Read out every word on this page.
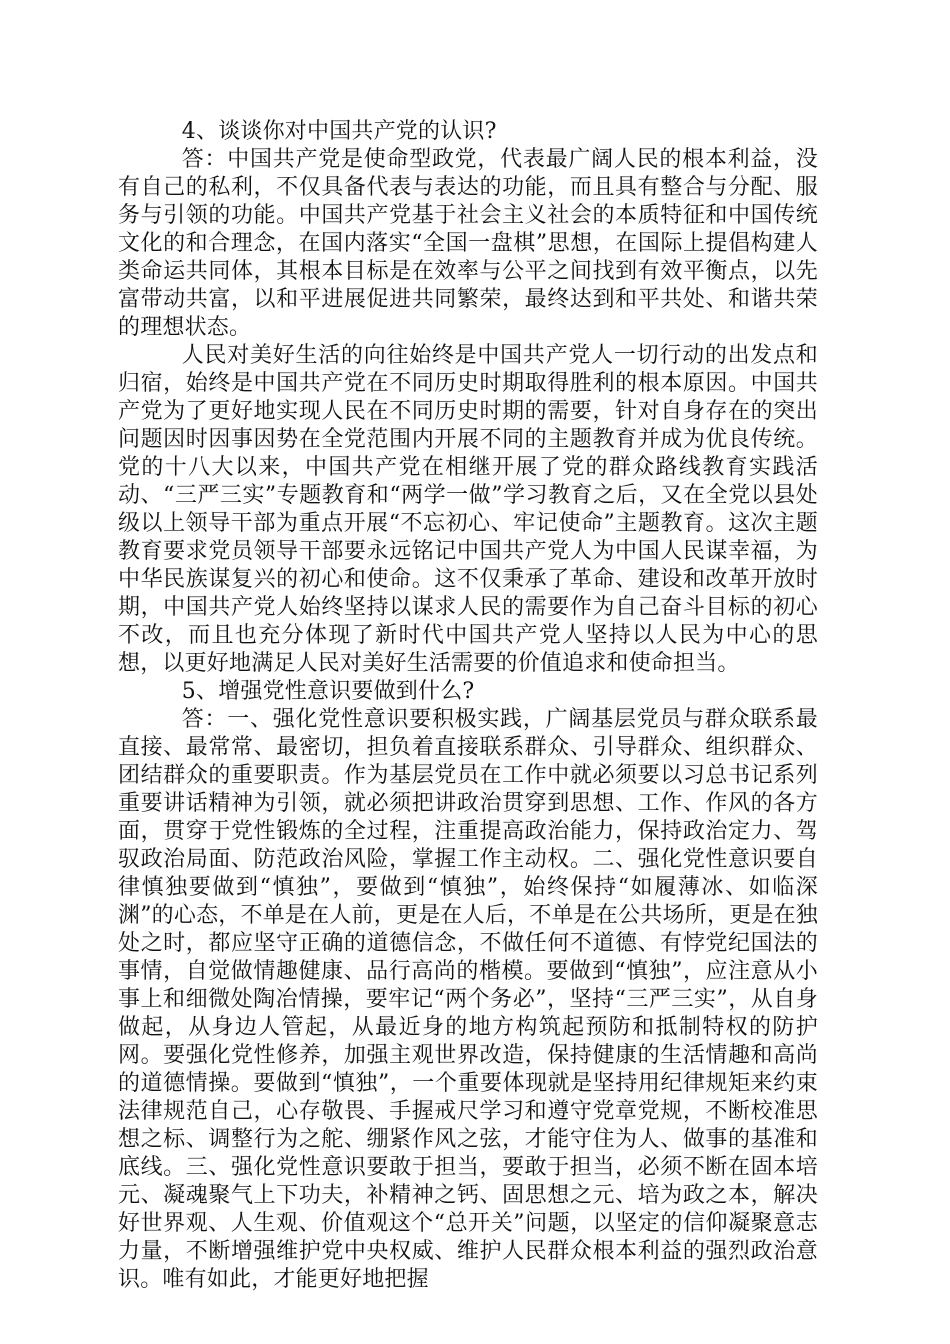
4、谈谈你对中国共产党的认识?

答：中国共产党是使命型政党，代表最广阔人民的根本利益，没有自己的私利，不仅具备代表与表达的功能，而且具有整合与分配、服务与引领的功能。中国共产党基于社会主义社会的本质特征和中国传统文化的和合理念，在国内落实“全国一盘棋”思想，在国际上提倡构建人类命运共同体，其根本目标是在效率与公平之间找到有效平衡点，以先富带动共富，以和平进展促进共同繁荣，最终达到和平共处、和谐共荣的理想状态。

人民对美好生活的向往始终是中国共产党人一切行动的出发点和归宿，始终是中国共产党在不同历史时期取得胜利的根本原因。中国共产党为了更好地实现人民在不同历史时期的需要，针对自身存在的突出问题因时因事因势在全党范围内开展不同的主题教育并成为优良传统。党的十八大以来，中国共产党在相继开展了党的群众路线教育实践活动、“三严三实”专题教育和“两学一做”学习教育之后，又在全党以县处级以上领导干部为重点开展“不忘初心、牢记使命”主题教育。这次主题教育要求党员领导干部要永远铭记中国共产党人为中国人民谋幸福，为中华民族谋复兴的初心和使命。这不仅秉承了革命、建设和改革开放时期，中国共产党人始终坚持以谋求人民的需要作为自己奋斗目标的初心不改，而且也充分体现了新时代中国共产党人坚持以人民为中心的思想，以更好地满足人民对美好生活需要的价值追求和使命担当。

5、增强党性意识要做到什么?

答：一、强化党性意识要积极实践，广阔基层党员与群众联系最直接、最常常、最密切，担负着直接联系群众、引导群众、组织群众、团结群众的重要职责。作为基层党员在工作中就必须要以习总书记系列重要讲话精神为引领，就必须把讲政治贯穿到思想、工作、作风的各方面，贯穿于党性锻炼的全过程，注重提高政治能力，保持政治定力、驾驭政治局面、防范政治风险，掌握工作主动权。二、强化党性意识要自律慎独要做到“慎独”，要做到“慎独”，始终保持“如履薄冰、如临深渊”的心态，不单是在人前，更是在人后，不单是在公共场所，更是在独处之时，都应坚守正确的道德信念，不做任何不道德、有悖党纪国法的事情，自觉做情趣健康、品行高尚的楷模。要做到“慎独”，应注意从小事上和细微处陶冶情操，要牢记“两个务必”，坚持“三严三实”，从自身做起，从身边人管起，从最近身的地方构筑起预防和抵制特权的防护网。要强化党性修养，加强主观世界改造，保持健康的生活情趣和高尚的道德情操。要做到“慎独”，一个重要体现就是坚持用纪律规矩来约束法律规范自己，心存敬畏、手握戒尺学习和遵守党章党规，不断校准思想之标、调整行为之舵、绷紧作风之弦，才能守住为人、做事的基准和底线。三、强化党性意识要敢于担当，要敢于担当，必须不断在固本培元、凝魂聚气上下功夫，补精神之钙、固思想之元、培为政之本，解决好世界观、人生观、价值观这个“总开关”问题，以坚定的信仰凝聚意志力量，不断增强维护党中央权威、维护人民群众根本利益的强烈政治意识。唯有如此，才能更好地把握
